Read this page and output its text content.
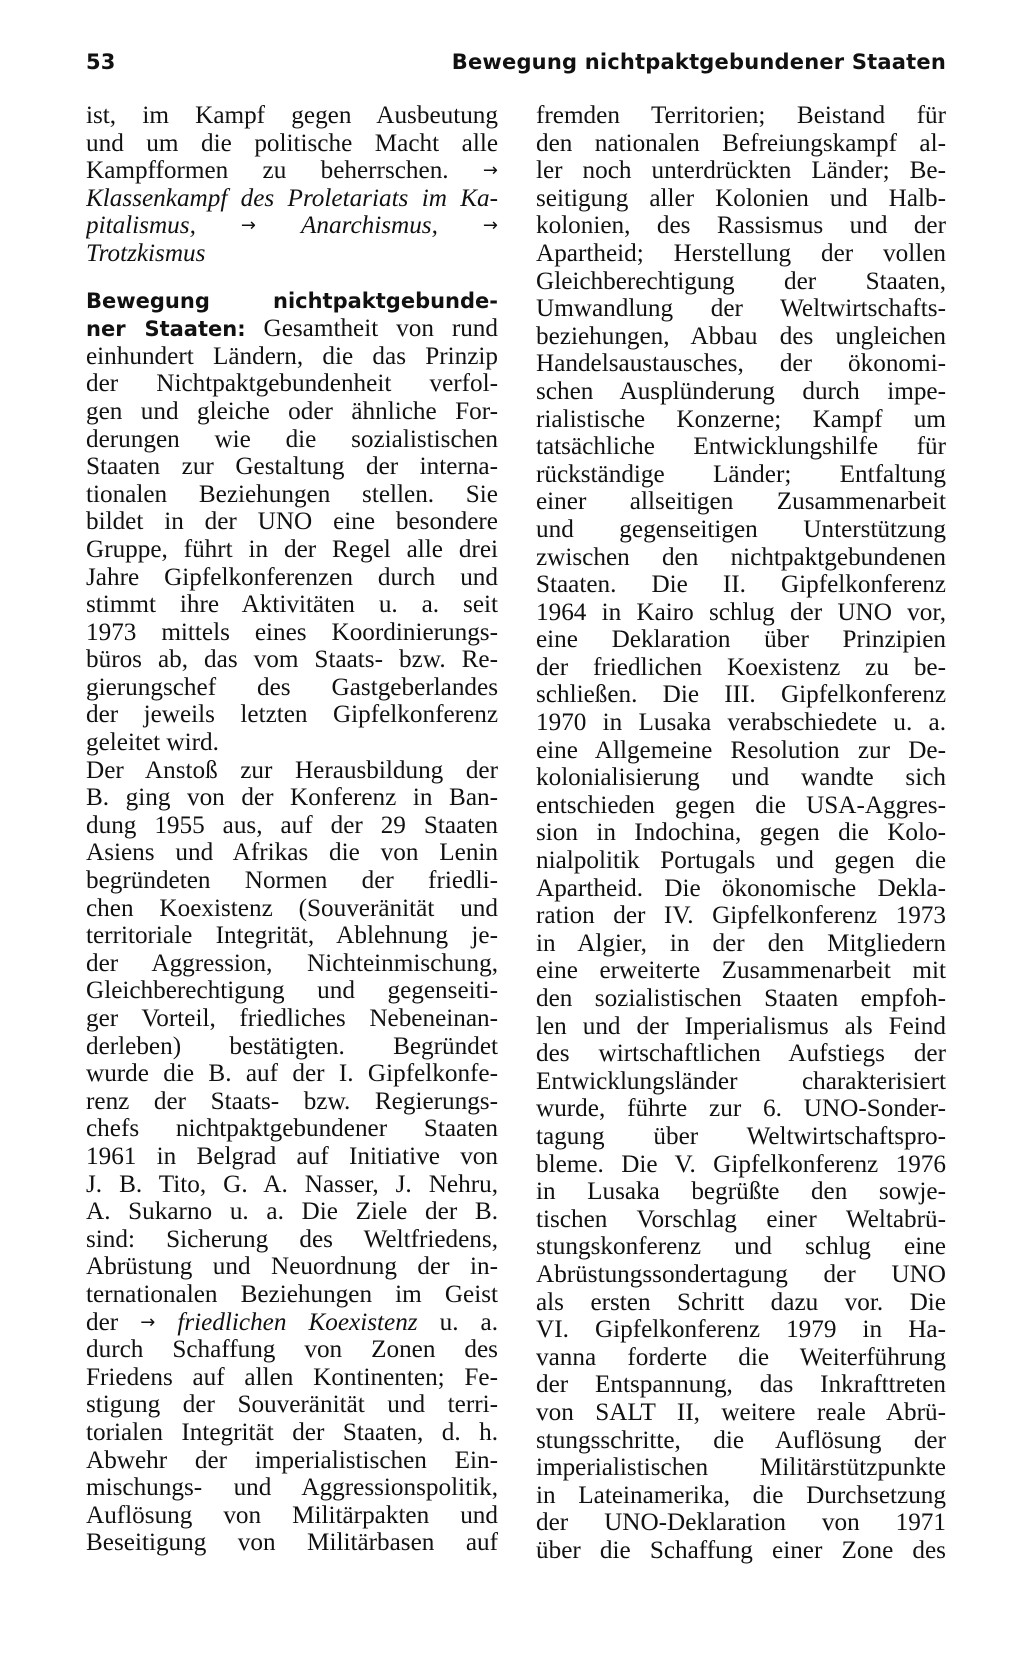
53	Bewegung nichtpaktgebundener Staaten
ist, im Kampf gegen Ausbeutung
und um die politische Macht alle
Kampfformen zu beherrschen. →
Klassenkampf des Proletariats im Ka-
pitalismus,	→ Anarchismus,	→
Trotzkismus
Bewegung nichtpaktgebunde-
ner Staaten: Gesamtheit von rund
einhundert Ländern, die das Prinzip
der Nichtpaktgebundenheit verfol-
gen und gleiche oder ähnliche For-
derungen wie die sozialistischen
Staaten zur Gestaltung der interna-
tionalen Beziehungen stellen. Sie
bildet in der UNO eine besondere
Gruppe, führt in der Regel alle drei
Jahre Gipfelkonferenzen durch und
stimmt ihre Aktivitäten u. a. seit
1973 mittels eines Koordinierungs-
büros ab, das vom Staats- bzw. Re-
gierungschef des Gastgeberlandes
der jeweils letzten Gipfelkonferenz
geleitet wird.
Der Anstoß zur Herausbildung der
B. ging von der Konferenz in Ban-
dung 1955 aus, auf der 29 Staaten
Asiens und Afrikas die von Lenin
begründeten Normen der friedli-
chen Koexistenz (Souveränität und
territoriale Integrität, Ablehnung je-
der Aggression, Nichteinmischung,
Gleichberechtigung und gegenseiti-
ger Vorteil, friedliches Nebeneinan-
derleben) bestätigten. Begründet
wurde die B. auf der I. Gipfelkonfe-
renz der Staats- bzw. Regierungs-
chefs nichtpaktgebundener Staaten
1961 in Belgrad auf Initiative von
J. B. Tito, G. A. Nasser, J. Nehru,
A. Sukarno u. a. Die Ziele der B.
sind: Sicherung des Weltfriedens,
Abrüstung und Neuordnung der in-
ternationalen Beziehungen im Geist
der → friedlichen Koexistenz u. a.
durch Schaffung von Zonen des
Friedens auf allen Kontinenten; Fe-
stigung der Souveränität und terri-
torialen Integrität der Staaten, d. h.
Abwehr der imperialistischen Ein-
mischungs- und Aggressionspolitik,
Auflösung von Militärpakten und
Beseitigung von Militärbasen auf
fremden Territorien; Beistand für
den nationalen Befreiungskampf al-
ler noch unterdrückten Länder; Be-
seitigung aller Kolonien und Halb-
kolonien, des Rassismus und der
Apartheid; Herstellung der vollen
Gleichberechtigung der Staaten,
Umwandlung der Weltwirtschafts-
beziehungen, Abbau des ungleichen
Handelsaustausches, der ökonomi-
schen Ausplünderung durch impe-
rialistische Konzerne; Kampf um
tatsächliche Entwicklungshilfe für
rückständige Länder; Entfaltung
einer allseitigen Zusammenarbeit
und gegenseitigen Unterstützung
zwischen den nichtpaktgebundenen
Staaten. Die II. Gipfelkonferenz
1964 in Kairo schlug der UNO vor,
eine Deklaration über Prinzipien
der friedlichen Koexistenz zu be-
schließen. Die III. Gipfelkonferenz
1970 in Lusaka verabschiedete u. a.
eine Allgemeine Resolution zur De-
kolonialisierung und wandte sich
entschieden gegen die USA-Aggres-
sion in Indochina, gegen die Kolo-
nialpolitik Portugals und gegen die
Apartheid. Die ökonomische Dekla-
ration der IV. Gipfelkonferenz 1973
in Algier, in der den Mitgliedern
eine erweiterte Zusammenarbeit mit
den sozialistischen Staaten empfoh-
len und der Imperialismus als Feind
des wirtschaftlichen Aufstiegs der
Entwicklungsländer charakterisiert
wurde, führte zur 6. UNO-Sonder-
tagung über Weltwirtschaftspro-
bleme. Die V. Gipfelkonferenz 1976
in Lusaka begrüßte den sowje-
tischen Vorschlag einer Weltabrü-
stungskonferenz und schlug eine
Abrüstungssondertagung der UNO
als ersten Schritt dazu vor. Die
VI. Gipfelkonferenz 1979 in Ha-
vanna forderte die Weiterführung
der Entspannung, das Inkrafttreten
von SALT II, weitere reale Abrü-
stungsschritte, die Auflösung der
imperialistischen Militärstützpunkte
in Lateinamerika, die Durchsetzung
der UNO-Deklaration von 1971
über die Schaffung einer Zone des
